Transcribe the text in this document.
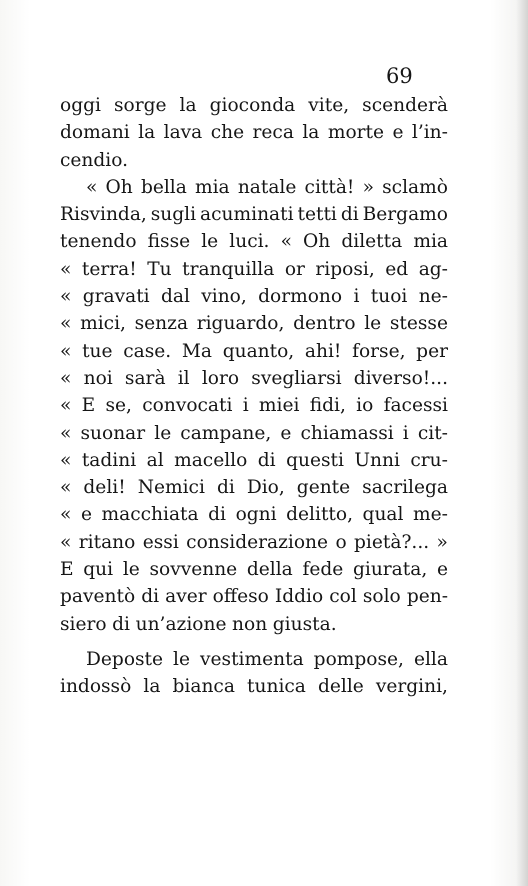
69
oggi sorge la gioconda vite, scenderà
domani la lava che reca la morte e l’in-
cendio.
« Oh bella mia natale città! » sclamò
Risvinda, sugli acuminati tetti di Bergamo
tenendo fisse le luci. « Oh diletta mia
« terra! Tu tranquilla or riposi, ed ag-
« gravati dal vino, dormono i tuoi ne-
« mici, senza riguardo, dentro le stesse
« tue case. Ma quanto, ahi! forse, per
« noi sarà il loro svegliarsi diverso!...
« E se, convocati i miei fidi, io facessi
« suonar le campane, e chiamassi i cit-
« tadini al macello di questi Unni cru-
« deli! Nemici di Dio, gente sacrilega
« e macchiata di ogni delitto, qual me-
« ritano essi considerazione o pietà?... »
E qui le sovvenne della fede giurata, e
paventò di aver offeso Iddio col solo pen-
siero di un’azione non giusta.
Deposte le vestimenta pompose, ella
indossò la bianca tunica delle vergini,
